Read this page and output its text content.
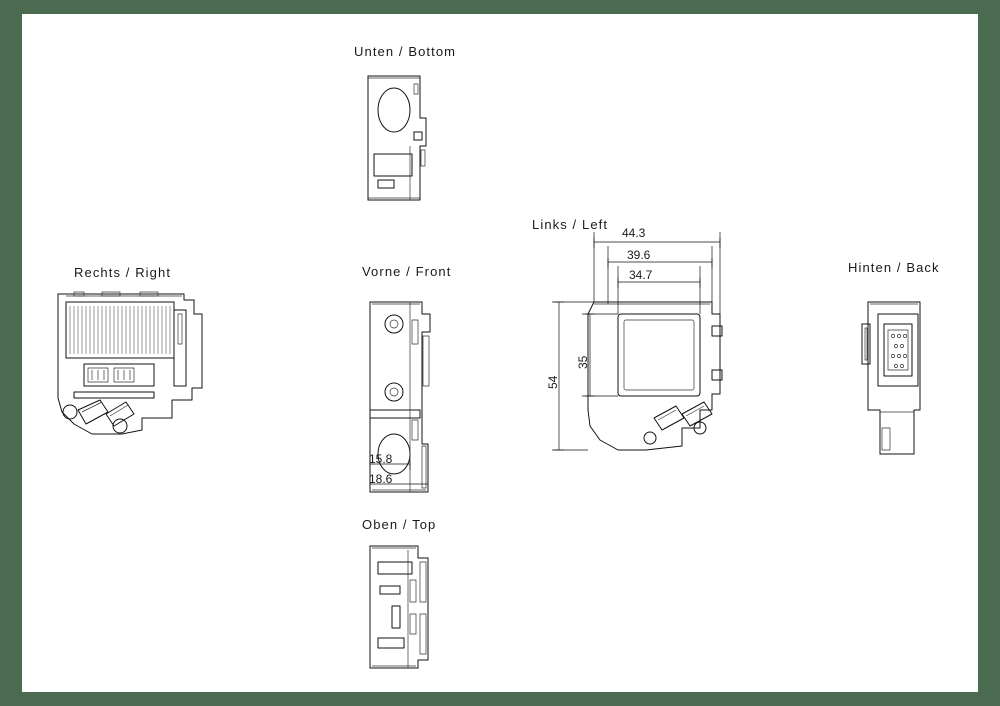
Unten / Bottom
Rechts / Right	Vorne / Front
Links / Left
Hinten / Back
Oben / Top
44.3
39.6
34.7
54
35
15.8
18.6
